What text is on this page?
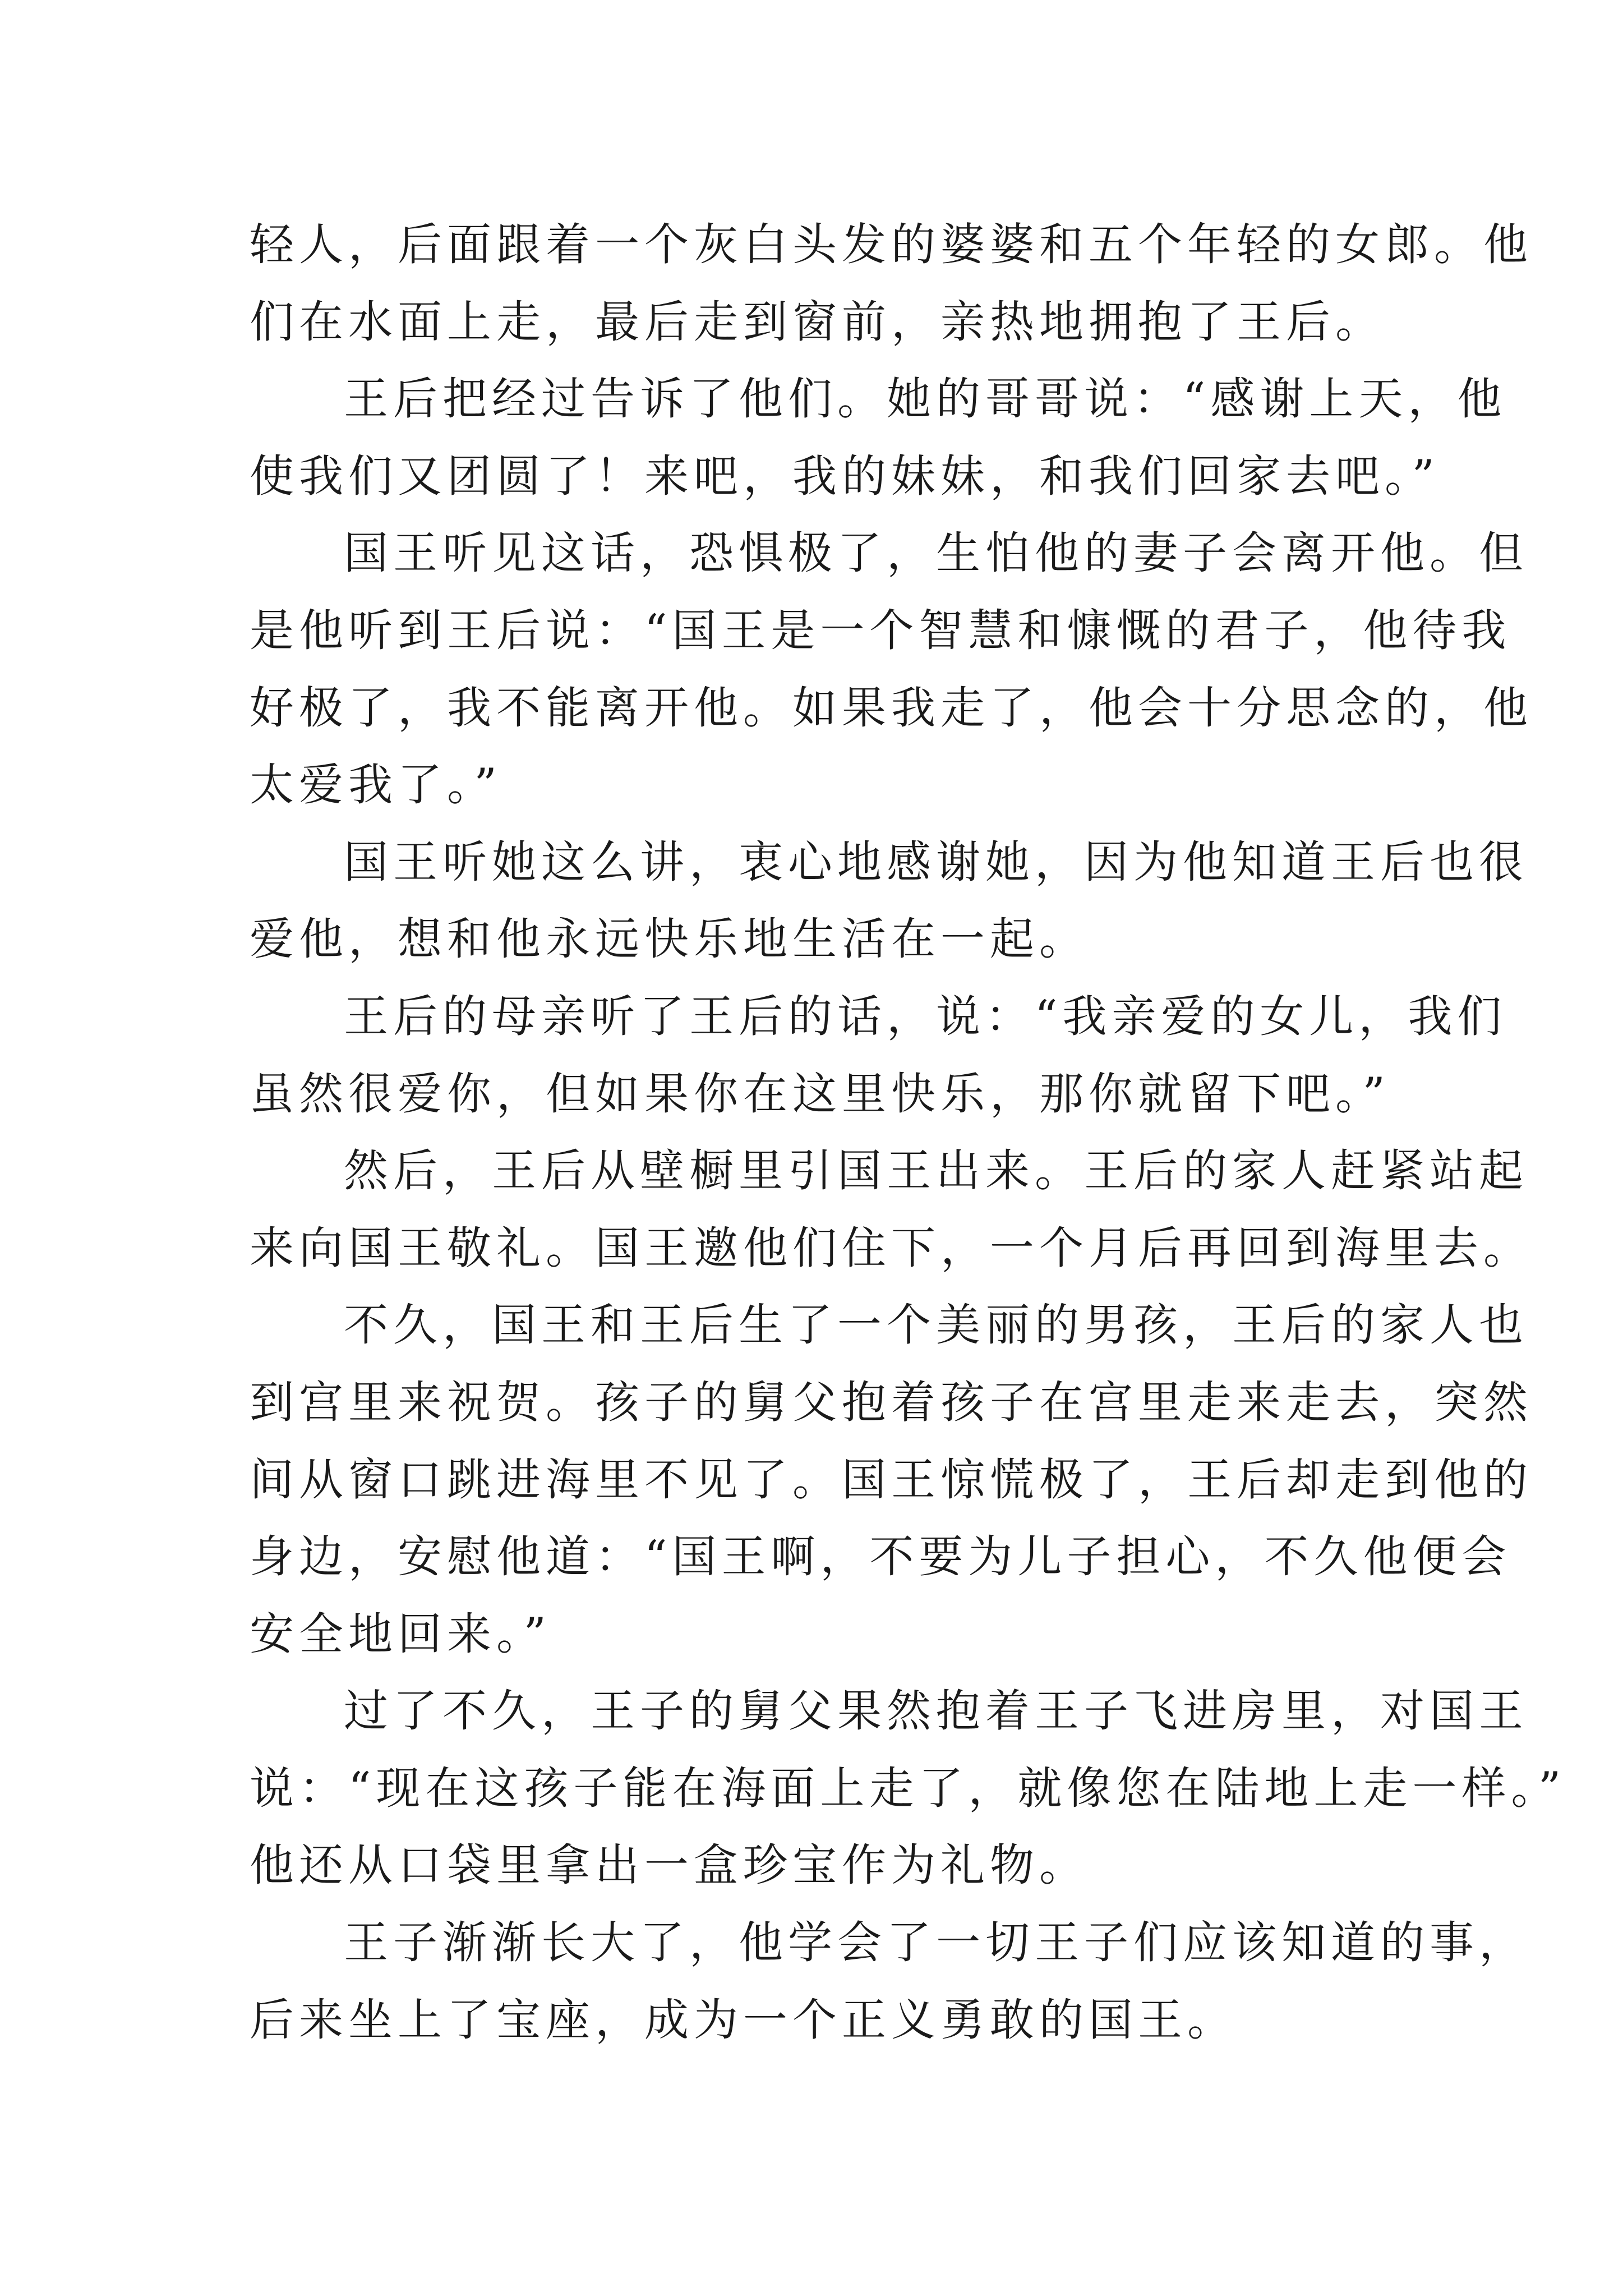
轻人，后面跟着一个灰白头发的婆婆和五个年轻的女郎。他
们在水面上走，最后走到窗前，亲热地拥抱了王后。
王后把经过告诉了他们。她的哥哥说：“感谢上天，他
使我们又团圆了！来吧，我的妹妹，和我们回家去吧。”
国王听见这话，恐惧极了，生怕他的妻子会离开他。但
是他听到王后说：“国王是一个智慧和慷慨的君子，他待我
好极了，我不能离开他。如果我走了，他会十分思念的，他
太爱我了。”
国王听她这么讲，衷心地感谢她，因为他知道王后也很
爱他，想和他永远快乐地生活在一起。
王后的母亲听了王后的话，说：“我亲爱的女儿，我们
虽然很爱你，但如果你在这里快乐，那你就留下吧。”
然后，王后从壁橱里引国王出来。王后的家人赶紧站起
来向国王敬礼。国王邀他们住下，一个月后再回到海里去。
不久，国王和王后生了一个美丽的男孩，王后的家人也
到宫里来祝贺。孩子的舅父抱着孩子在宫里走来走去，突然
间从窗口跳进海里不见了。国王惊慌极了，王后却走到他的
身边，安慰他道：“国王啊，不要为儿子担心，不久他便会
安全地回来。”
过了不久，王子的舅父果然抱着王子飞进房里，对国王
说：“现在这孩子能在海面上走了，就像您在陆地上走一样。”
他还从口袋里拿出一盒珍宝作为礼物。
王子渐渐长大了，他学会了一切王子们应该知道的事，
后来坐上了宝座，成为一个正义勇敢的国王。
